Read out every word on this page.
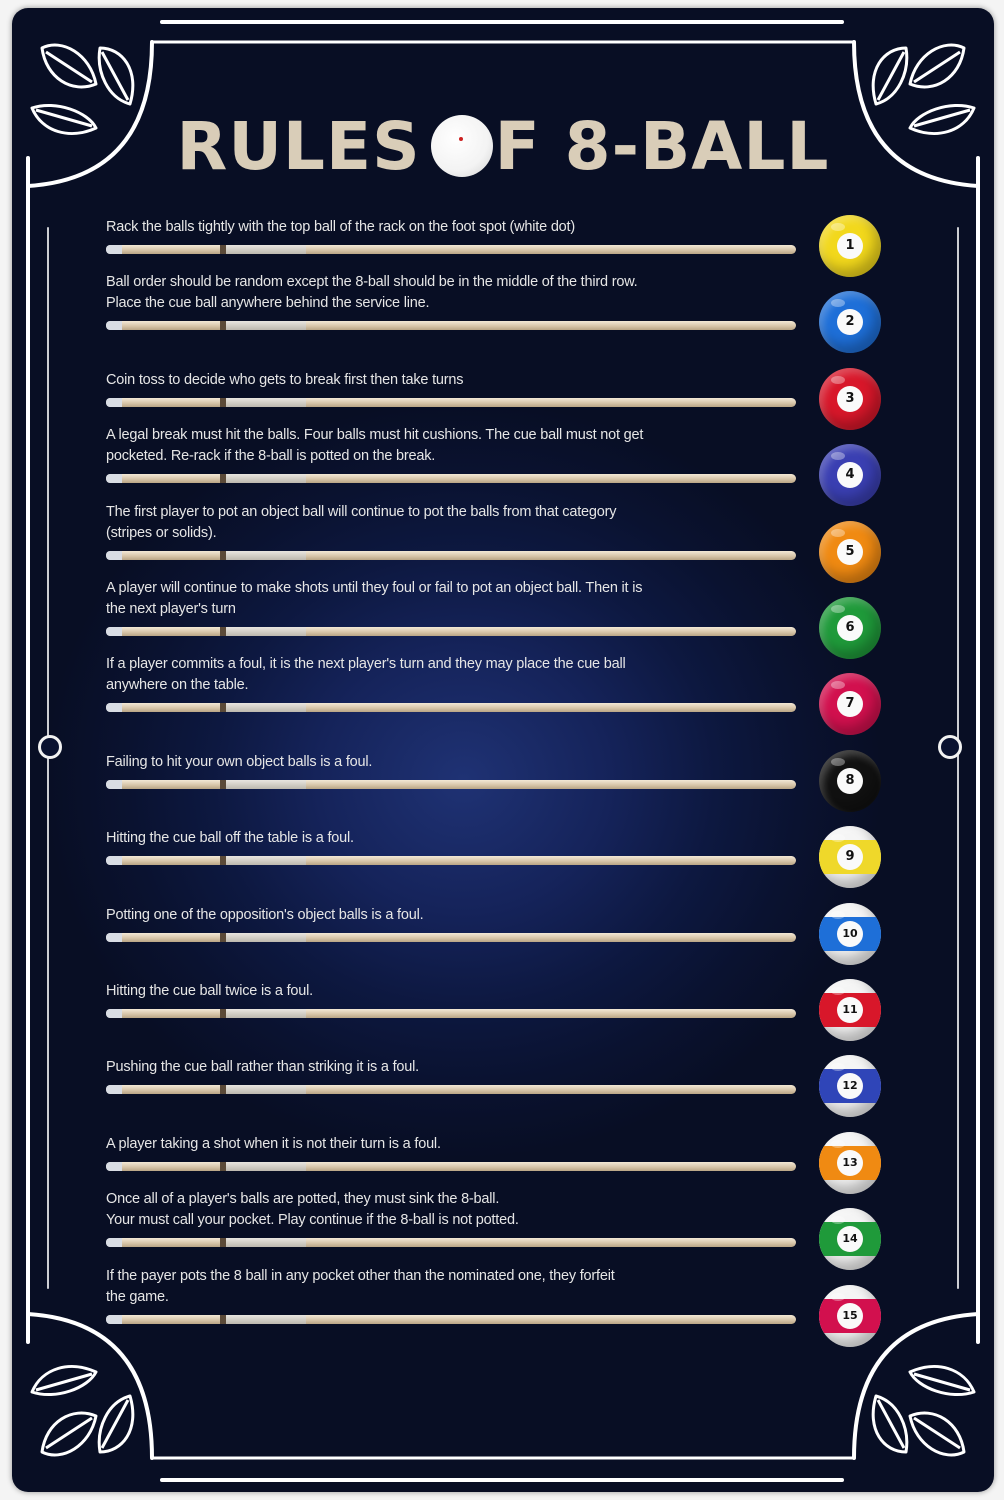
RULES F 8-BALL
Rack the balls tightly with the top ball of the rack on the foot spot (white dot)
1
Ball order should be random except the 8-ball should be in the middle of the third row.
Place the cue ball anywhere behind the service line.
2
Coin toss to decide who gets to break first then take turns
3
A legal break must hit the balls. Four balls must hit cushions. The cue ball must not get
pocketed. Re-rack if the 8-ball is potted on the break.
4
The first player to pot an object ball will continue to pot the balls from that category
(stripes or solids).
5
A player will continue to make shots until they foul or fail to pot an object ball. Then it is
the next player's turn
6
If a player commits a foul, it is the next player's turn and they may place the cue ball
anywhere on the table.
7
Failing to hit your own object balls is a foul.
8
Hitting the cue ball off the table is a foul.
9
Potting one of the opposition's object balls is a foul.
10
Hitting the cue ball twice is a foul.
11
Pushing the cue ball rather than striking it is a foul.
12
A player taking a shot when it is not their turn is a foul.
13
Once all of a player's balls are potted, they must sink the 8-ball.
Your must call your pocket. Play continue if the 8-ball is not potted.
14
If the payer pots the 8 ball in any pocket other than the nominated one, they forfeit
the game.
15
